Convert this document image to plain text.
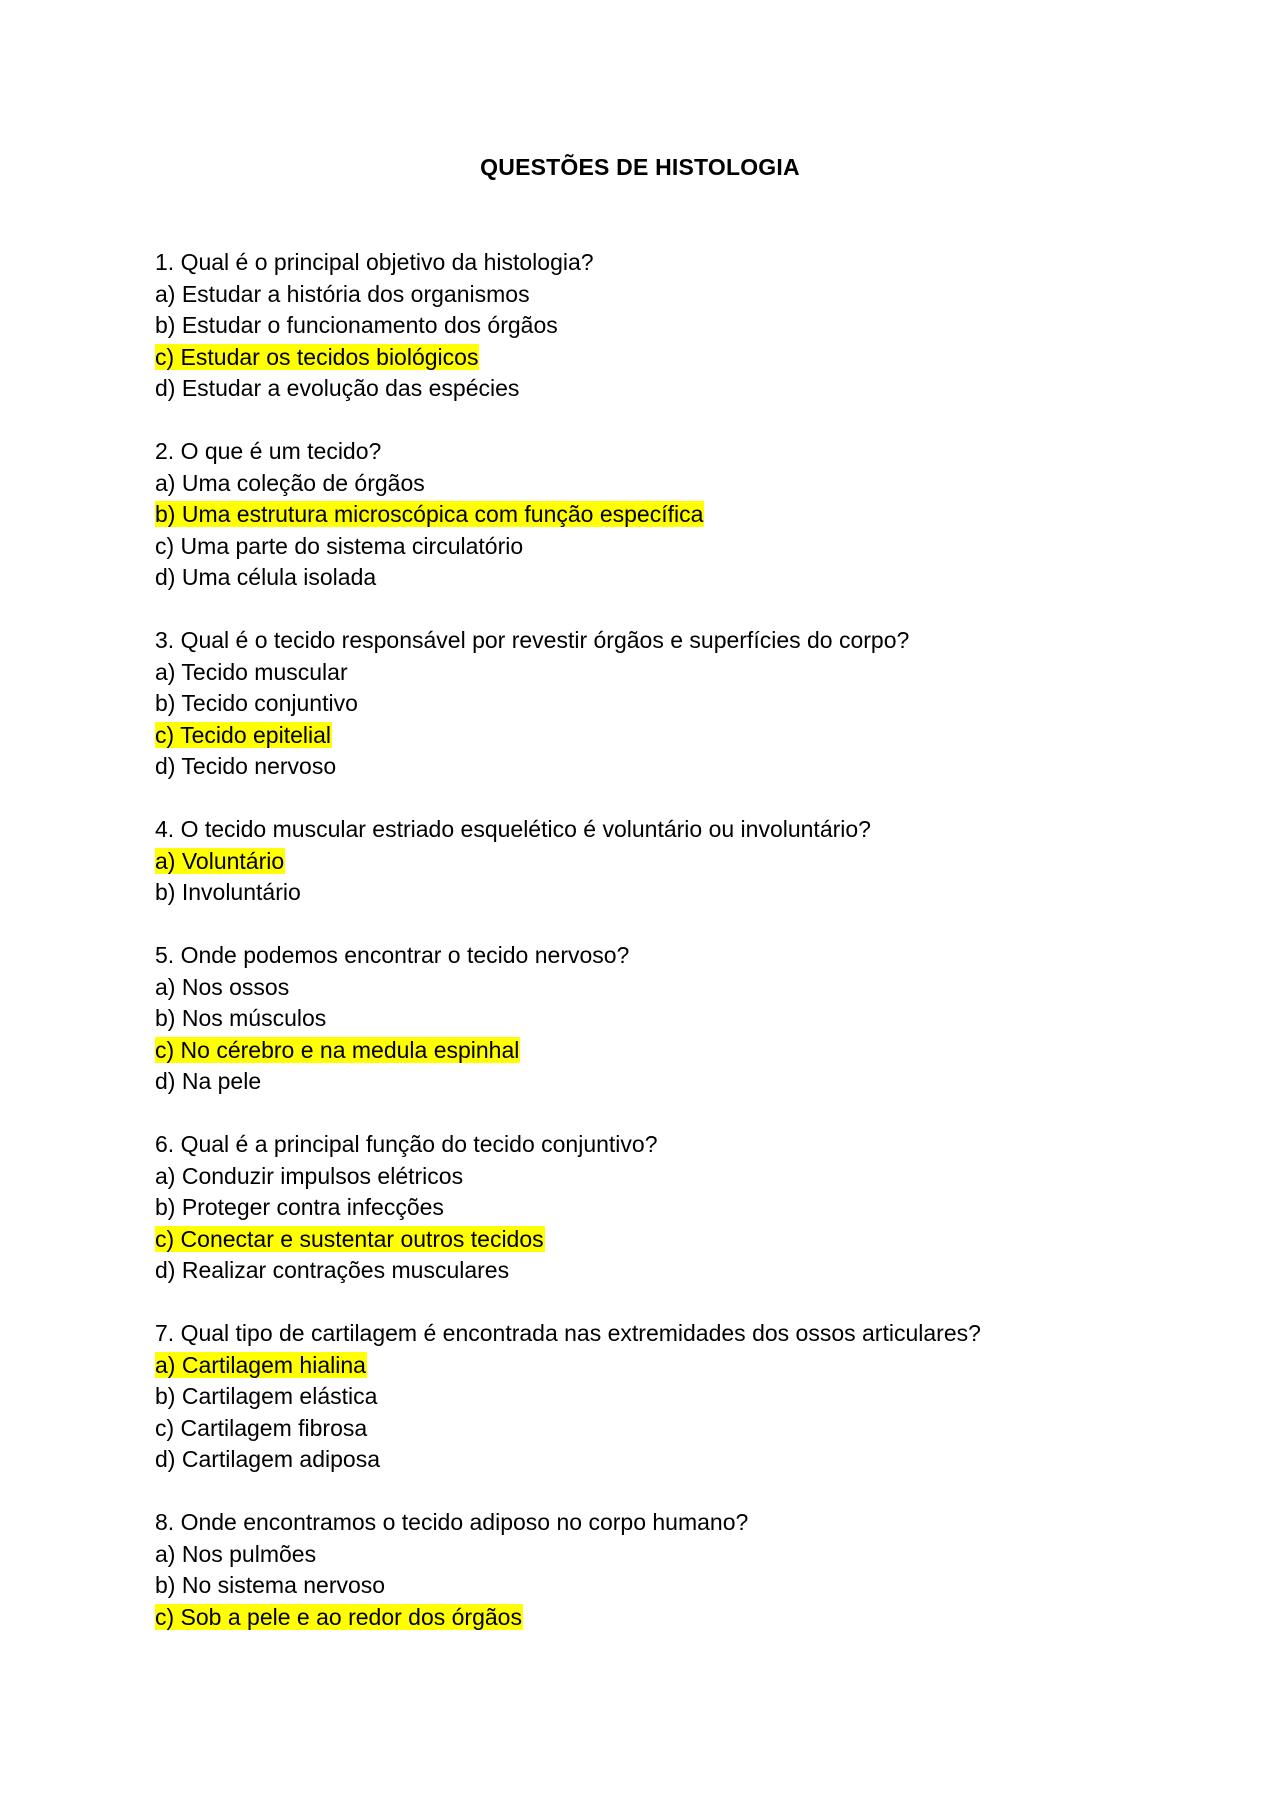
QUESTÕES DE HISTOLOGIA
1. Qual é o principal objetivo da histologia?
a) Estudar a história dos organismos
b) Estudar o funcionamento dos órgãos
c) Estudar os tecidos biológicos
d) Estudar a evolução das espécies
2. O que é um tecido?
a) Uma coleção de órgãos
b) Uma estrutura microscópica com função específica
c) Uma parte do sistema circulatório
d) Uma célula isolada
3. Qual é o tecido responsável por revestir órgãos e superfícies do corpo?
a) Tecido muscular
b) Tecido conjuntivo
c) Tecido epitelial
d) Tecido nervoso
4. O tecido muscular estriado esquelético é voluntário ou involuntário?
a) Voluntário
b) Involuntário
5. Onde podemos encontrar o tecido nervoso?
a) Nos ossos
b) Nos músculos
c) No cérebro e na medula espinhal
d) Na pele
6. Qual é a principal função do tecido conjuntivo?
a) Conduzir impulsos elétricos
b) Proteger contra infecções
c) Conectar e sustentar outros tecidos
d) Realizar contrações musculares
7. Qual tipo de cartilagem é encontrada nas extremidades dos ossos articulares?
a) Cartilagem hialina
b) Cartilagem elástica
c) Cartilagem fibrosa
d) Cartilagem adiposa
8. Onde encontramos o tecido adiposo no corpo humano?
a) Nos pulmões
b) No sistema nervoso
c) Sob a pele e ao redor dos órgãos
